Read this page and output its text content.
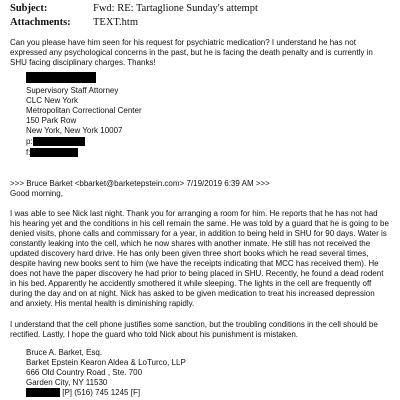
Subject:	Fwd: RE: Tartaglione Sunday's attempt
Attachments: TEXT.htm

Can you please have him seen for his request for psychiatric medication? I understand he has not expressed any psychological concerns in the past, but he is facing the death penalty and is currently in SHU facing disciplinary charges. Thanks!

Supervisory Staff Attorney
CLC New York
Metropolitan Correctional Center
150 Park Row
New York, New York 10007
p:
f:
>>> Bruce Barket <bbarket@barketepstein.com> 7/19/2019 6:39 AM >>>
Good morning,

I was able to see Nick last night. Thank you for arranging a room for him. He reports that he has not had his hearing yet and the conditions in his cell remain the same. He was told by a guard that he is going to be denied visits, phone calls and commissary for a year, in addition to being held in SHU for 90 days. Water is constantly leaking into the cell, which he now shares with another inmate. He still has not received the updated discovery hard drive. He has only been given three short books which he read several times, despite having new books sent to him (we have the receipts indicating that MCC has received them). He does not have the paper discovery he had prior to being placed in SHU. Recently, he found a dead rodent in his bed. Apparently he accidently smothered it while sleeping. The lights in the cell are frequently off during the day and on at night. Nick has asked to be given medication to treat his increased depression and anxiety. His mental health is diminishing rapidly.

I understand that the cell phone justifies some sanction, but the troubling conditions in the cell should be rectified. Lastly, I hope the guard who told Nick about his punishment is mistaken.

Bruce A. Barket, Esq.
Barket Epstein Kearon Aldea & LoTurco, LLP
666 Old Country Road , Ste. 700
Garden City, NY 11530
[P] (516) 745 1245 [F]
